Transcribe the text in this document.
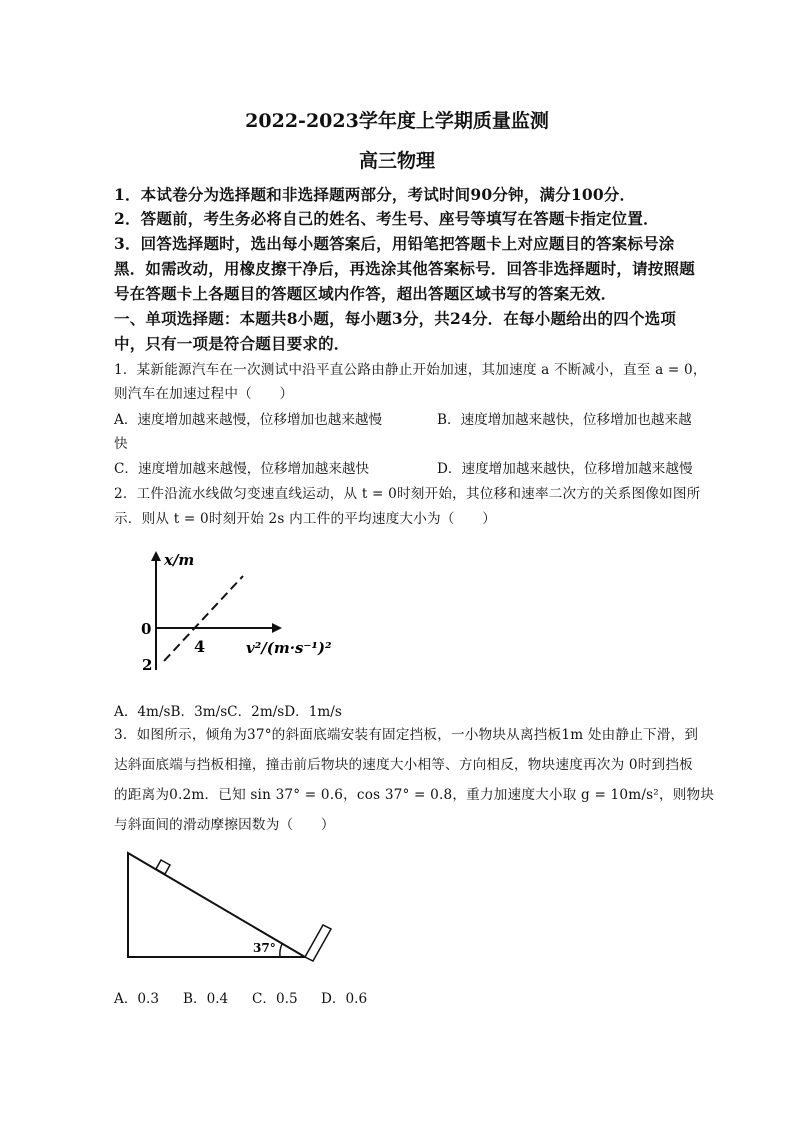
2022-2023学年度上学期质量监测
高三物理
1．本试卷分为选择题和非选择题两部分，考试时间90分钟，满分100分．
2．答题前，考生务必将自己的姓名、考生号、座号等填写在答题卡指定位置．
3．回答选择题时，选出每小题答案后，用铅笔把答题卡上对应题目的答案标号涂
黑．如需改动，用橡皮擦干净后，再选涂其他答案标号．回答非选择题时，请按照题
号在答题卡上各题目的答题区域内作答，超出答题区域书写的答案无效．
一、单项选择题：本题共8小题，每小题3分，共24分．在每小题给出的四个选项
中，只有一项是符合题目要求的．
1．某新能源汽车在一次测试中沿平直公路由静止开始加速，其加速度 a 不断减小，直至 a = 0，
则汽车在加速过程中（　　）
A．速度增加越来越慢，位移增加也越来越慢	B．速度增加越来越快，位移增加也越来越
快
C．速度增加越来越慢，位移增加越来越快	D．速度增加越来越快，位移增加越来越慢
2．工件沿流水线做匀变速直线运动，从 t = 0时刻开始，其位移和速率二次方的关系图像如图所
示．则从 t = 0时刻开始 2s 内工件的平均速度大小为（　　）
x/m
0
2
4	v²/(m·s⁻¹)²
A．4m/sB．3m/sC．2m/sD．1m/s
3．如图所示，倾角为37°的斜面底端安装有固定挡板，一小物块从离挡板1m 处由静止下滑，到
达斜面底端与挡板相撞，撞击前后物块的速度大小相等、方向相反，物块速度再次为 0时到挡板
的距离为0.2m．已知 sin 37° = 0.6，cos 37° = 0.8，重力加速度大小取 g = 10m/s²，则物块
与斜面间的滑动摩擦因数为（　　）
37°
A．0.3 B．0.4 C．0.5 D．0.6
